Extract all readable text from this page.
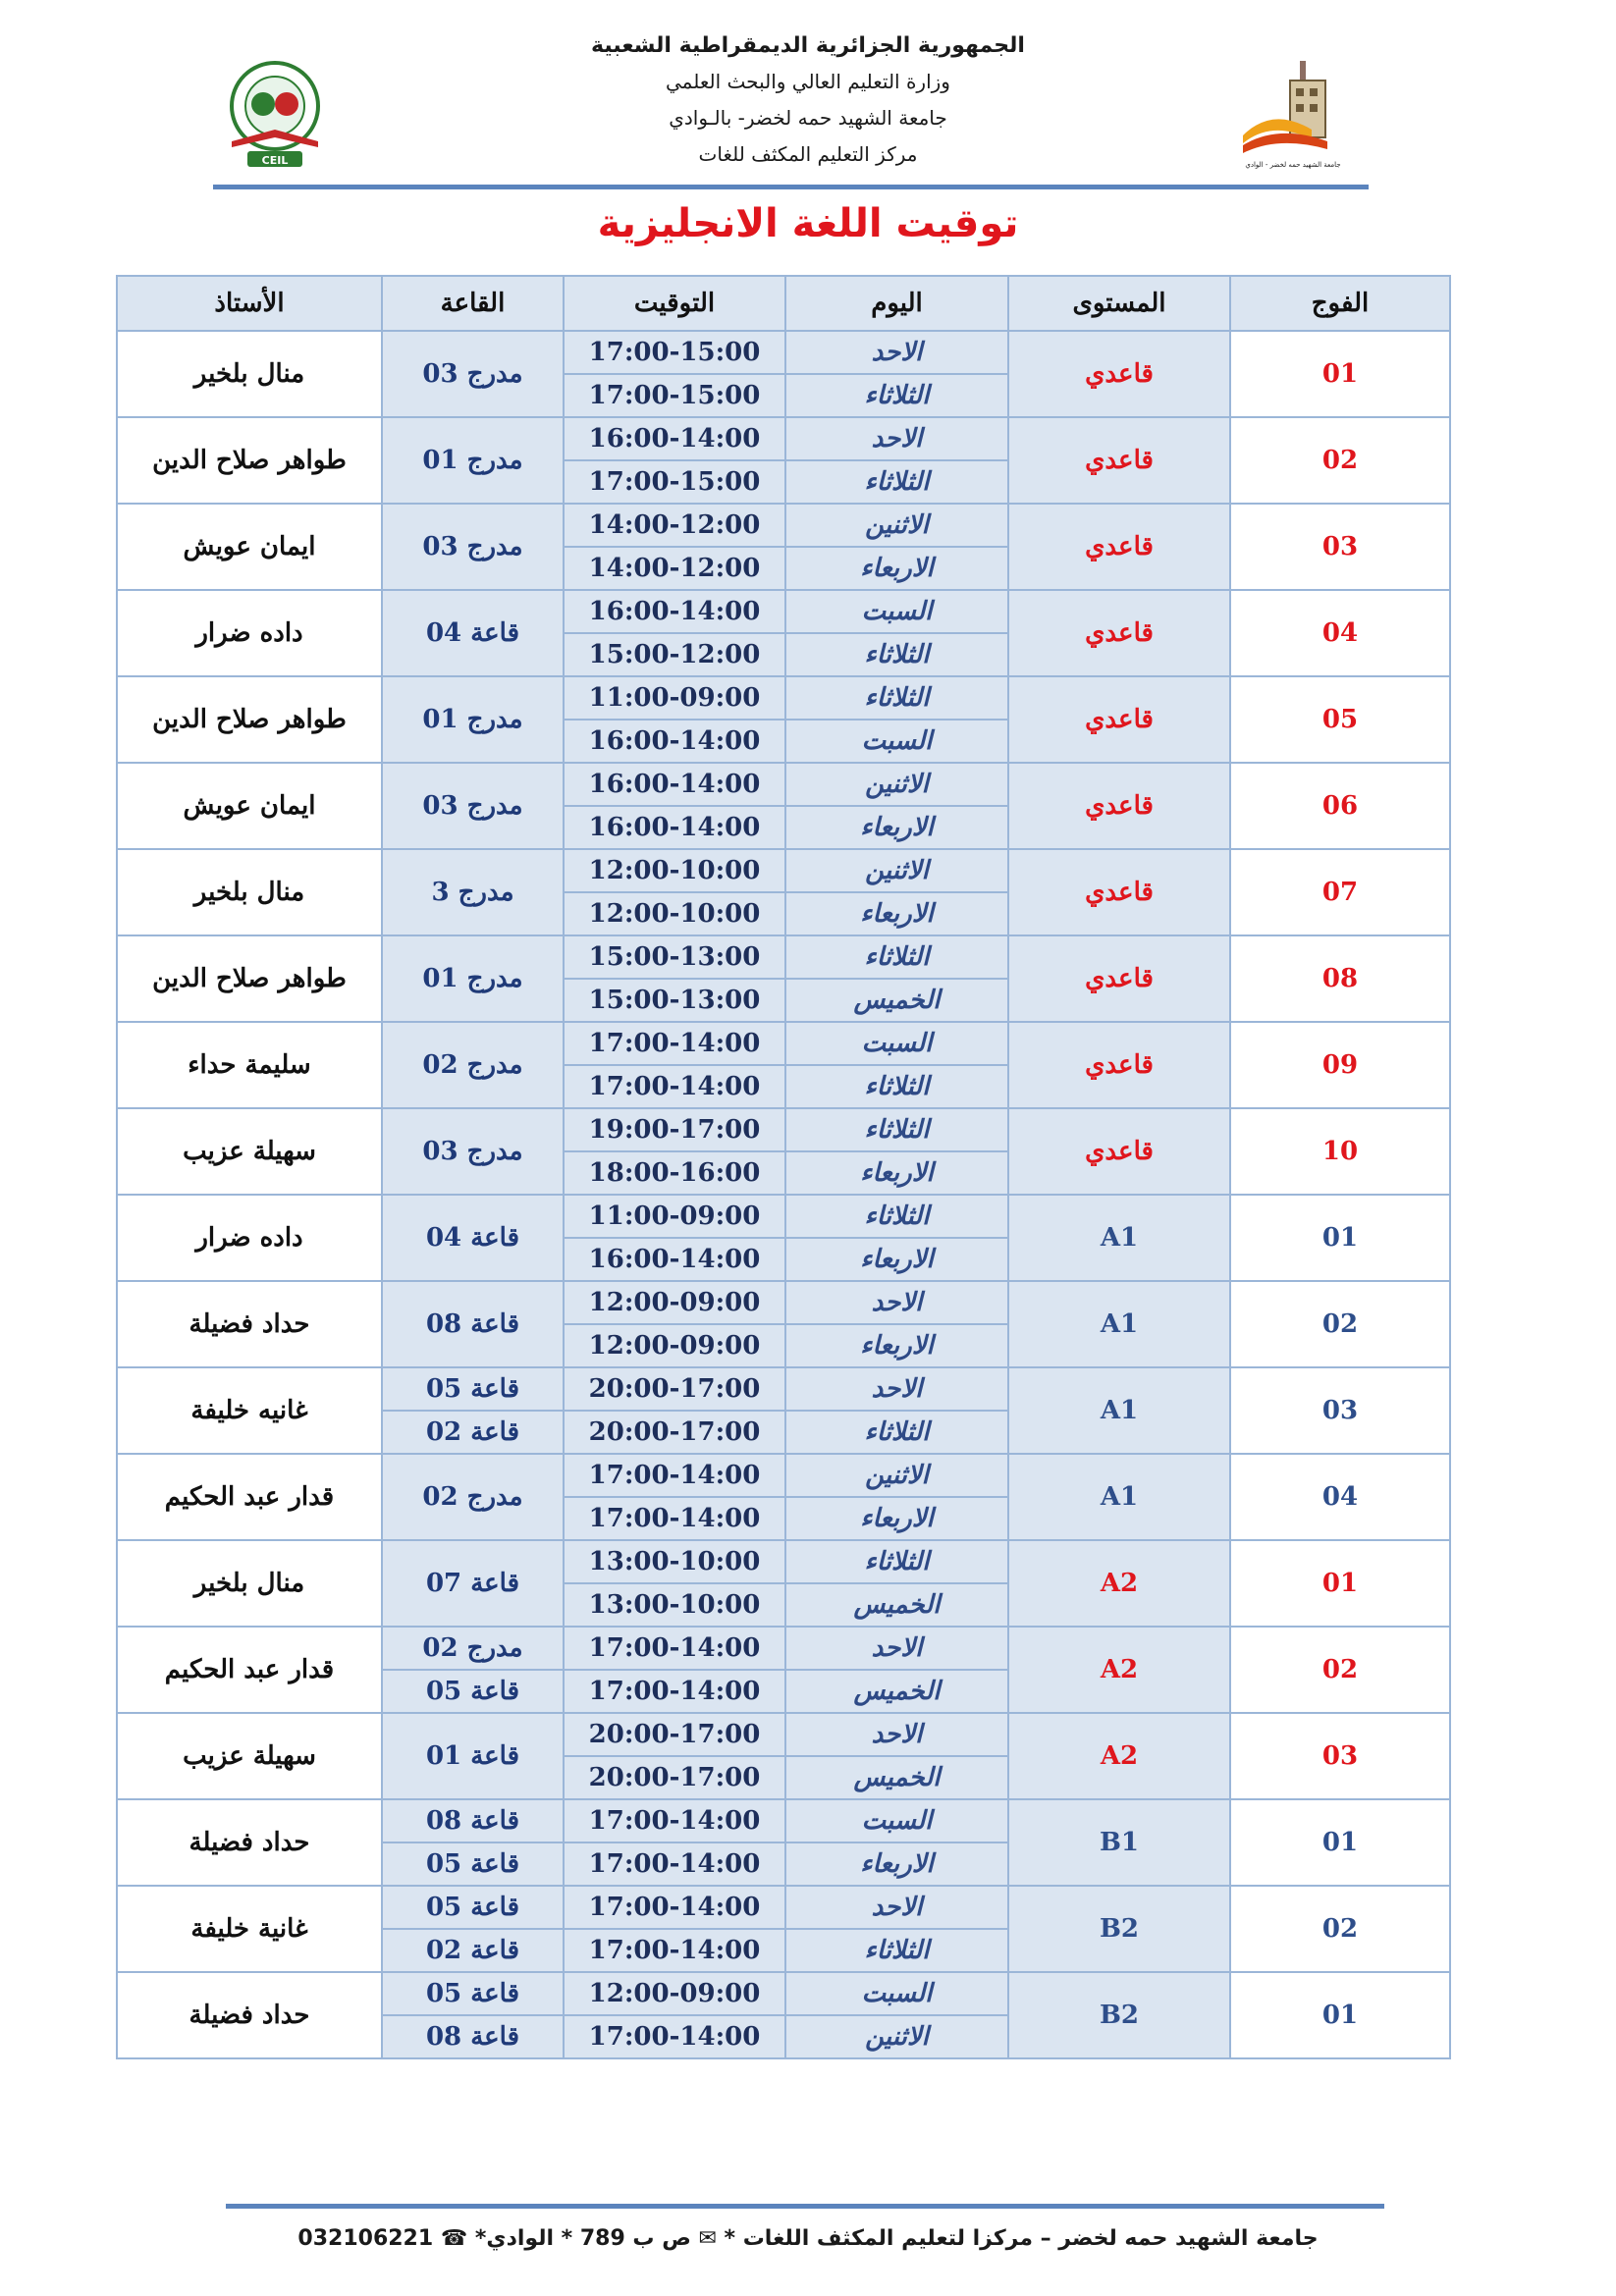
CEIL
الجمهورية الجزائرية الديمقراطية الشعبية
وزارة التعليم العالي والبحث العلمي
جامعة الشهيد حمه لخضر- بالـوادي
مركز التعليم المكثف للغات	جامعة الشهيد حمه لخضر - الوادي
توقيت اللغة الانجليزية
الفوج	المستوى	اليوم	التوقيت	القاعة	الأستاذ
01	قاعدي	الاحد	17:00-15:00	مدرج 03	منال بلخير
		الثلاثاء	17:00-15:00		
02	قاعدي	الاحد	16:00-14:00	مدرج 01	طواهر صلاح الدين
		الثلاثاء	17:00-15:00		
03	قاعدي	الاثنين	14:00-12:00	مدرج 03	ايمان عويش
		الاربعاء	14:00-12:00		
04	قاعدي	السبت	16:00-14:00	قاعة 04	داده ضرار
		الثلاثاء	15:00-12:00		
05	قاعدي	الثلاثاء	11:00-09:00	مدرج 01	طواهر صلاح الدين
		السبت	16:00-14:00		
06	قاعدي	الاثنين	16:00-14:00	مدرج 03	ايمان عويش
		الاربعاء	16:00-14:00		
07	قاعدي	الاثنين	12:00-10:00	مدرج 3	منال بلخير
		الاربعاء	12:00-10:00		
08	قاعدي	الثلاثاء	15:00-13:00	مدرج 01	طواهر صلاح الدين
		الخميس	15:00-13:00		
09	قاعدي	السبت	17:00-14:00	مدرج 02	سليمة حداء
		الثلاثاء	17:00-14:00		
10	قاعدي	الثلاثاء	19:00-17:00	مدرج 03	سهيلة عزيب
		الاربعاء	18:00-16:00		
01	A1	الثلاثاء	11:00-09:00	قاعة 04	داده ضرار
		الاربعاء	16:00-14:00		
02	A1	الاحد	12:00-09:00	قاعة 08	حداد فضيلة
		الاربعاء	12:00-09:00		
03	A1	الاحد	20:00-17:00	قاعة 05	غانيه خليفة
		الثلاثاء	20:00-17:00	قاعة 02	
04	A1	الاثنين	17:00-14:00	مدرج 02	قدار عبد الحكيم
		الاربعاء	17:00-14:00		
01	A2	الثلاثاء	13:00-10:00	قاعة 07	منال بلخير
		الخميس	13:00-10:00		
02	A2	الاحد	17:00-14:00	مدرج 02	قدار عبد الحكيم
		الخميس	17:00-14:00	قاعة 05	
03	A2	الاحد	20:00-17:00	قاعة 01	سهيلة عزيب
		الخميس	20:00-17:00		
01	B1	السبت	17:00-14:00	قاعة 08	حداد فضيلة
		الاربعاء	17:00-14:00	قاعة 05	
02	B2	الاحد	17:00-14:00	قاعة 05	غانية خليفة
		الثلاثاء	17:00-14:00	قاعة 02	
01	B2	السبت	12:00-09:00	قاعة 05	حداد فضيلة
		الاثنين	17:00-14:00	قاعة 08	
جامعة الشهيد حمه لخضر – مركزا لتعليم المكثف اللغات * ✉ ص ب 789 * الوادي* ☎ 032106221
